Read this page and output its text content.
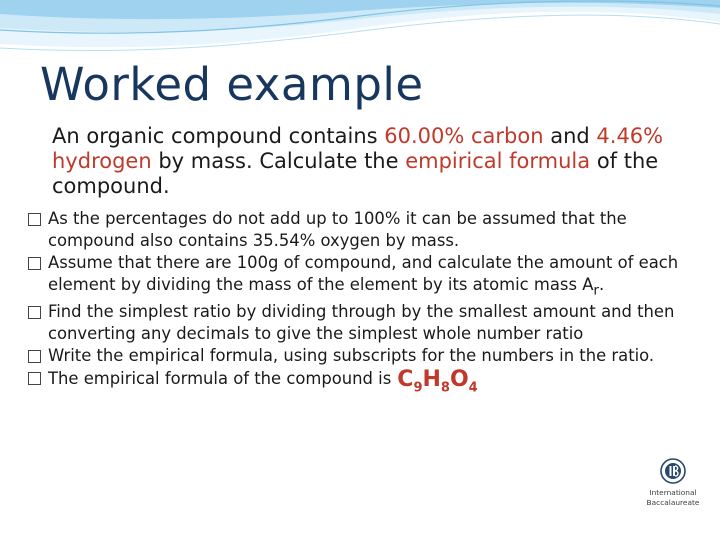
Worked example

An organic compound contains 60.00% carbon and 4.46% hydrogen by mass. Calculate the empirical formula of the compound.

As the percentages do not add up to 100% it can be assumed that the compound also contains 35.54% oxygen by mass.
Assume that there are 100g of compound, and calculate the amount of each element by dividing the mass of the element by its atomic mass $A_r$.
Find the simplest ratio by dividing through by the smallest amount and then converting any decimals to give the simplest whole number ratio
Write the empirical formula, using subscripts for the numbers in the ratio.
The empirical formula of the compound is $C_9H_8O_4$
International
Baccalaureate
